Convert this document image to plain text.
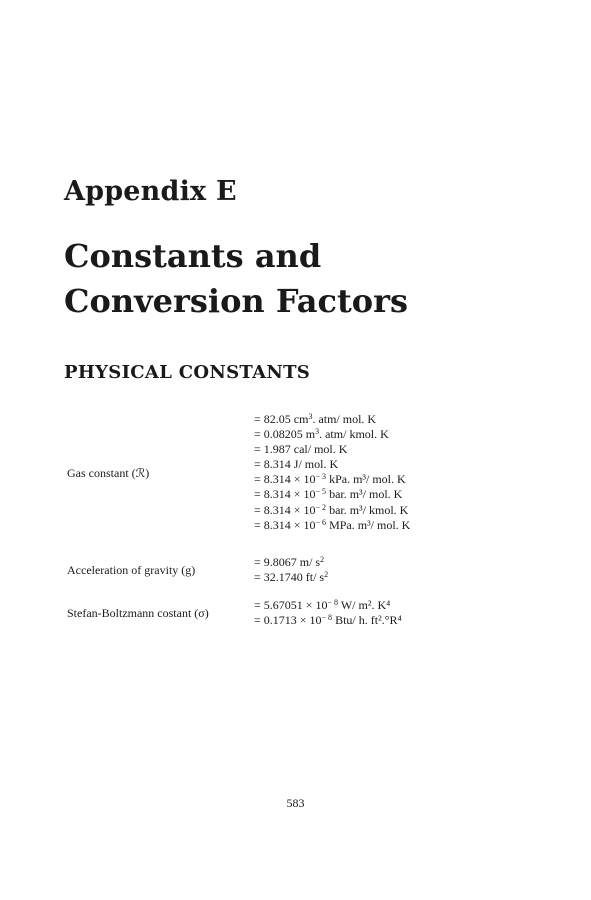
Appendix E
Constants and
Conversion Factors
PHYSICAL CONSTANTS
Gas constant (ℛ)
= 82.05 $cm^3$. atm/ mol. K
= 0.08205 $m^3$. atm/ kmol. K
= 1.987 cal/ mol. K
= 8.314 J/ mol. K
= $8.314 \times 10^{- 3}$ kPa. m³/ mol. K
= $8.314 \times 10^{- 5}$ bar. m³/ mol. K
= $8.314 \times 10^{- 2}$ bar. m³/ kmol. K
= $8.314 \times 10^{- 6}$ MPa. m³/ mol. K
Acceleration of gravity (g)
= 9.8067 m/ $s^2$
= 32.1740 ft/ $s^2$
Stefan-Boltzmann costant (σ)
= $5.67051 \times 10^{- 8}$ W/ m². K⁴
= $0.1713 \times 10^{- 8}$ Btu/ h. ft².°R⁴
583
